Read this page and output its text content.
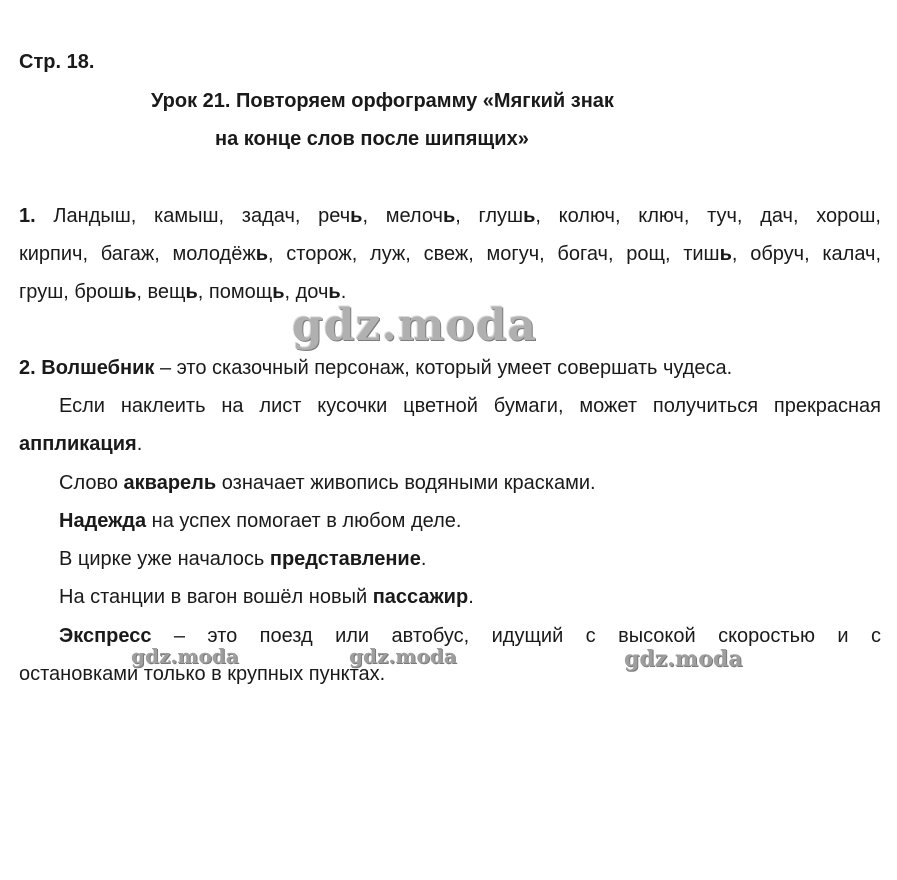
Стр. 18.
Урок 21. Повторяем орфограмму «Мягкий знак
на конце слов после шипящих»
1. Ландыш, камыш, задач, речь, мелочь, глушь, колюч, ключ, туч, дач, хорош,
кирпич, багаж, молодёжь, сторож, луж, свеж, могуч, богач, рощ, тишь, обруч, калач,
груш, брошь, вещь, помощь, дочь.
2. Волшебник – это сказочный персонаж, который умеет совершать чудеса.
Если наклеить на лист кусочки цветной бумаги, может получиться прекрасная
аппликация.
Слово акварель означает живопись водяными красками.
Надежда на успех помогает в любом деле.
В цирке уже началось представление.
На станции в вагон вошёл новый пассажир.
Экспресс – это поезд или автобус, идущий с высокой скоростью и с
остановками только в крупных пунктах.
gdz.moda
gdz.moda	gdz.moda	gdz.moda
